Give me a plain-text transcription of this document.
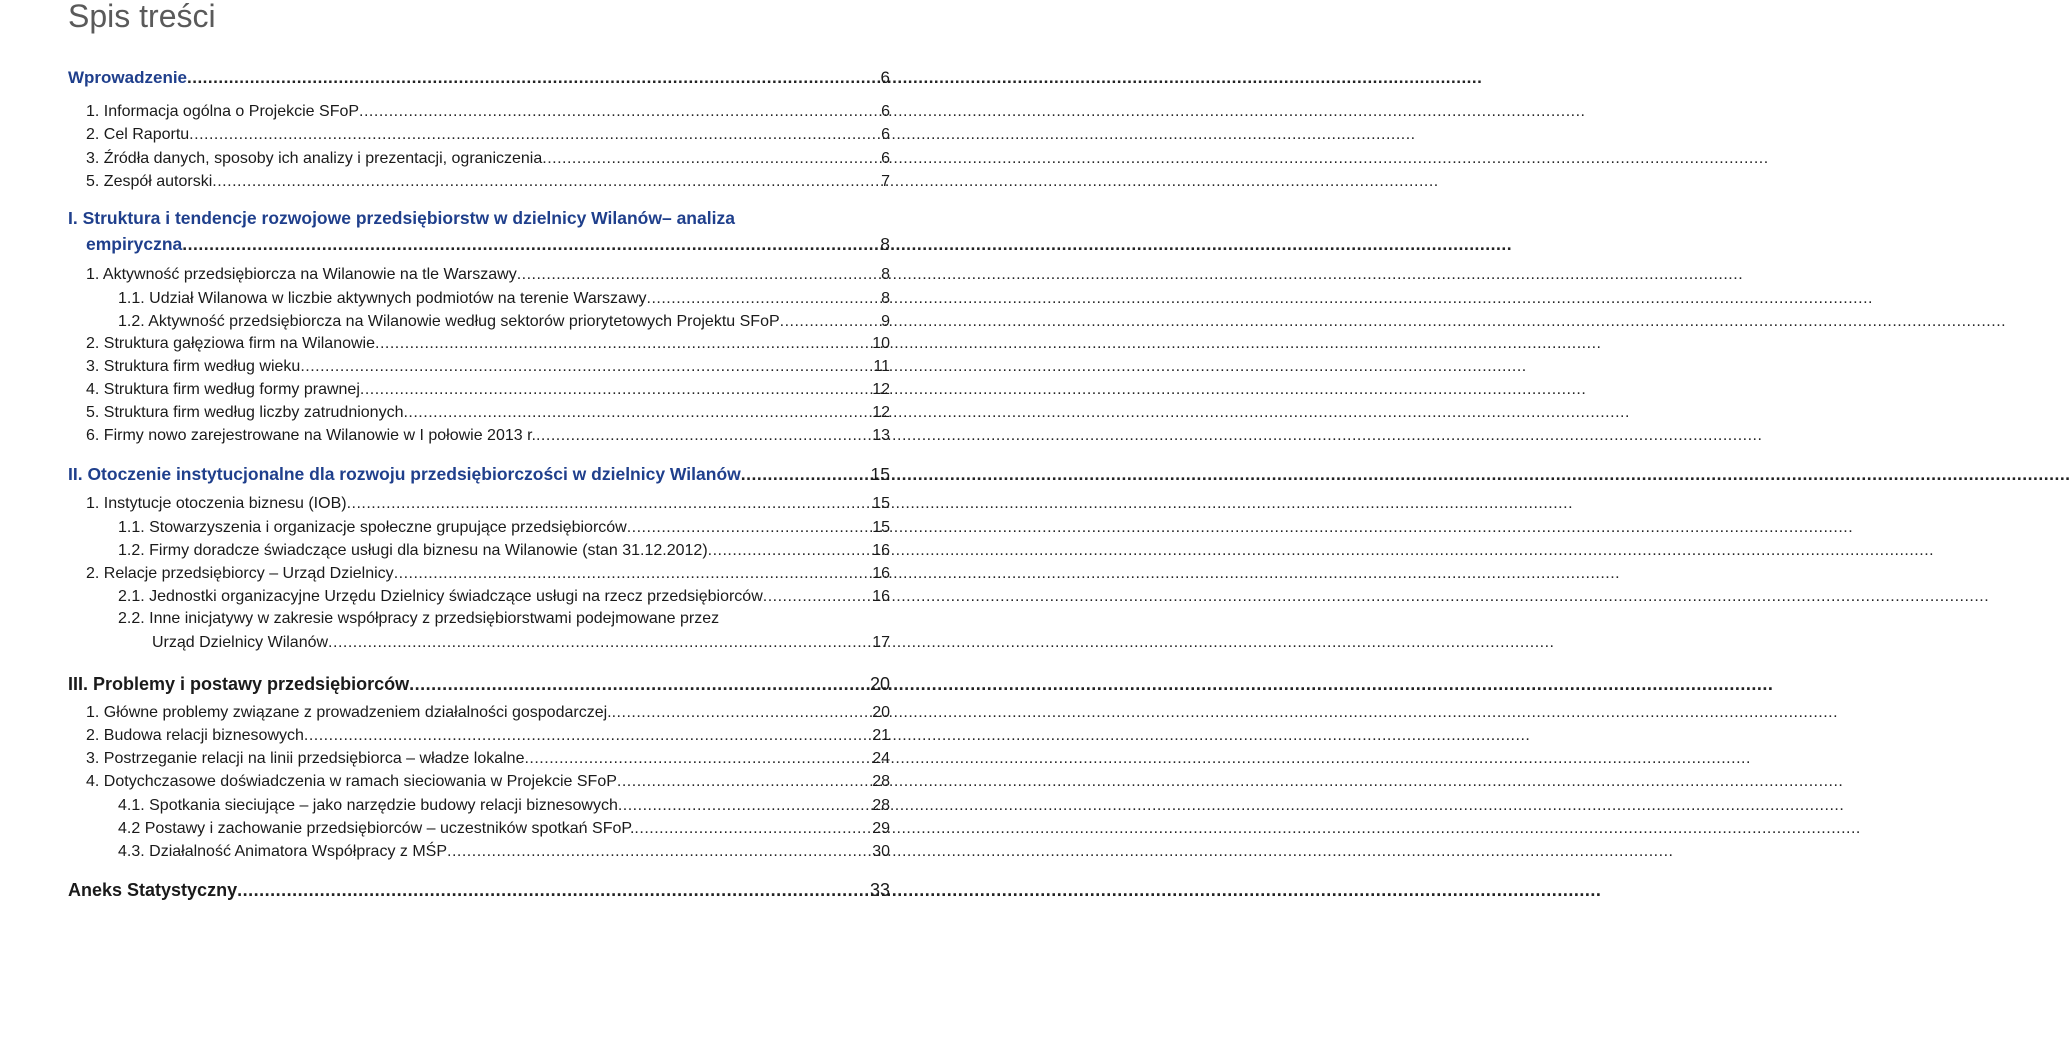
Spis treści
Wprowadzenie .....	6
1. Informacja ogólna o Projekcie SFoP .....	6
2. Cel Raportu .....	6
3. Źródła danych, sposoby ich analizy i prezentacji, ograniczenia .....	6
5. Zespół autorski .....	7
I. Struktura i tendencje rozwojowe przedsiębiorstw w dzielnicy Wilanów– analiza
empiryczna .....	8
1. Aktywność przedsiębiorcza na Wilanowie na tle Warszawy .....	8
1.1. Udział Wilanowa w liczbie aktywnych podmiotów na terenie Warszawy .....	8
1.2. Aktywność przedsiębiorcza na Wilanowie według sektorów priorytetowych Projektu SFoP .....	9
2. Struktura gałęziowa firm na Wilanowie .....	10
3. Struktura firm według wieku .....	11
4. Struktura firm według formy prawnej .....	12
5. Struktura firm według liczby zatrudnionych .....	12
6. Firmy nowo zarejestrowane na Wilanowie w I połowie 2013 r. .....	13
II. Otoczenie instytucjonalne dla rozwoju przedsiębiorczości w dzielnicy Wilanów .....	15
1. Instytucje otoczenia biznesu (IOB) .....	15
1.1. Stowarzyszenia i organizacje społeczne grupujące przedsiębiorców .....	15
1.2. Firmy doradcze świadczące usługi dla biznesu na Wilanowie (stan 31.12.2012) .....	16
2. Relacje przedsiębiorcy – Urząd Dzielnicy .....	16
2.1. Jednostki organizacyjne Urzędu Dzielnicy świadczące usługi na rzecz przedsiębiorców .....	16
2.2. Inne inicjatywy w zakresie współpracy z przedsiębiorstwami podejmowane przez
Urząd Dzielnicy Wilanów .....	17
III. Problemy i postawy przedsiębiorców .....	20
1. Główne problemy związane z prowadzeniem działalności gospodarczej. .....	20
2. Budowa relacji biznesowych .....	21
3. Postrzeganie relacji na linii przedsiębiorca – władze lokalne .....	24
4. Dotychczasowe doświadczenia w ramach sieciowania w Projekcie SFoP .....	28
4.1. Spotkania sieciujące – jako narzędzie budowy relacji biznesowych .....	28
4.2 Postawy i zachowanie przedsiębiorców – uczestników spotkań SFoP. .....	29
4.3. Działalność Animatora Współpracy z MŚP .....	30
Aneks Statystyczny .....	33
